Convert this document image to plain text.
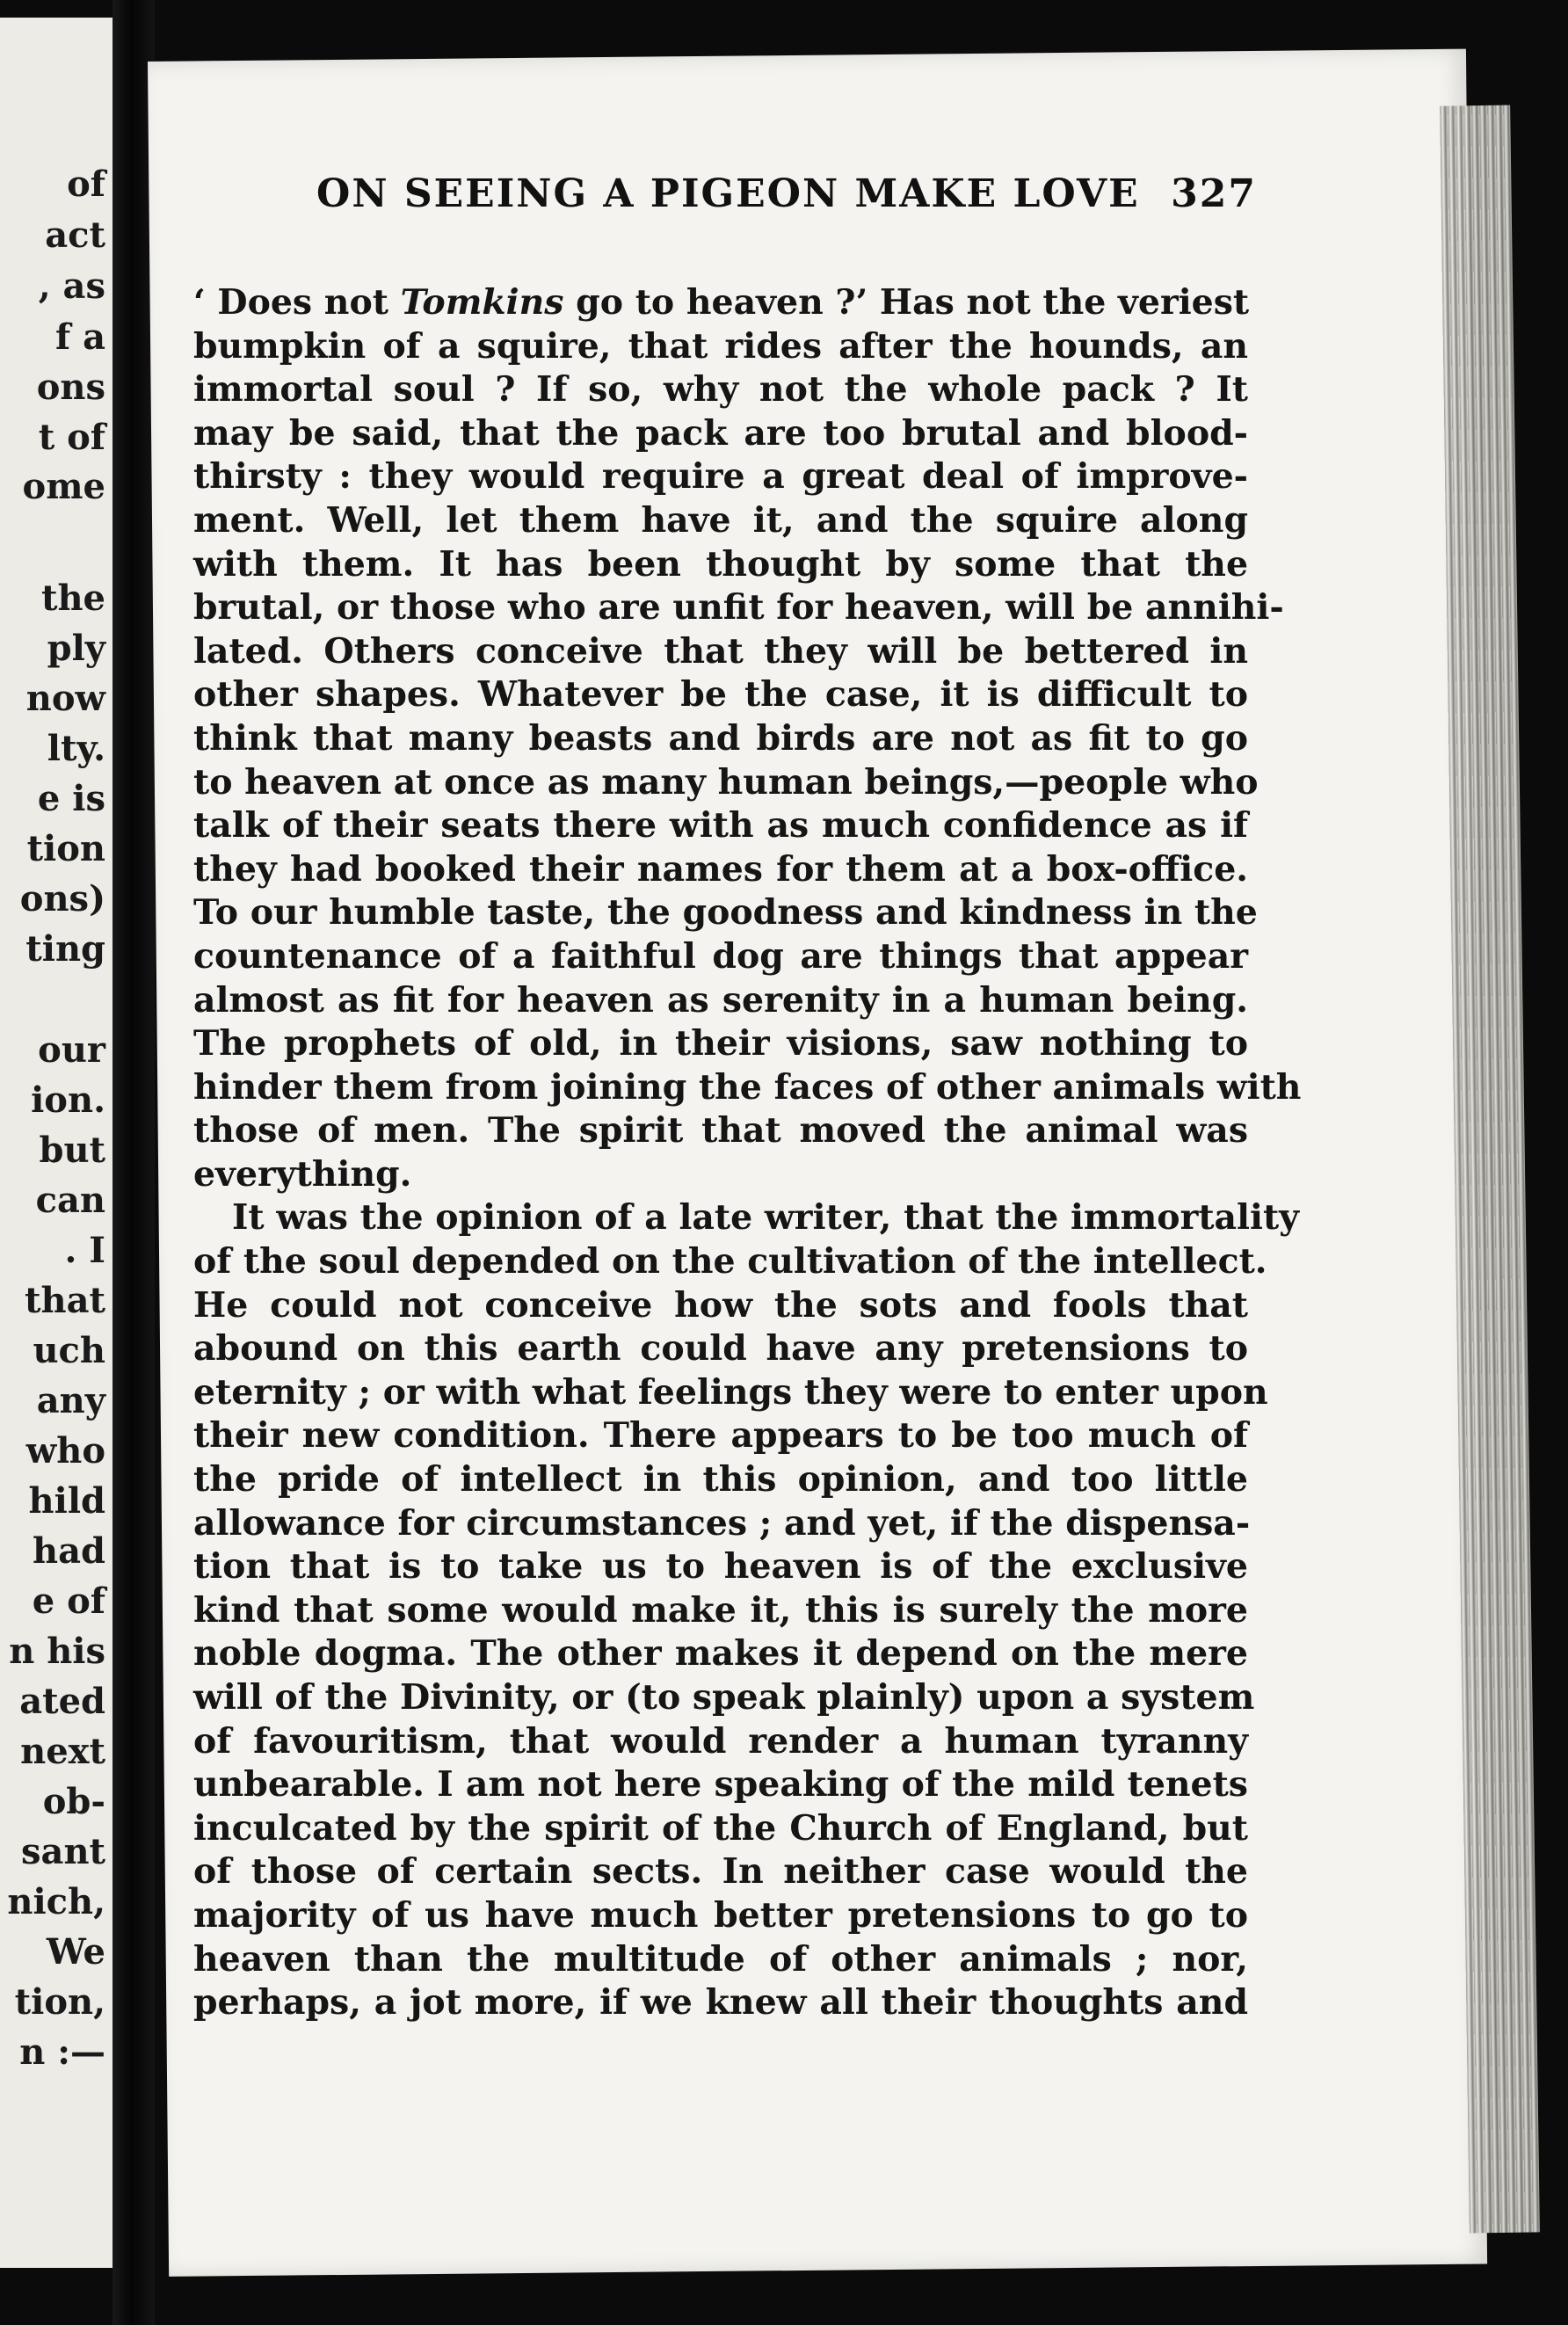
of
act
, as
f a
ons
t of
ome
the
ply
now
lty.
e is
tion
ons)
ting
our
ion.
but
can
. I
that
uch
any
who
hild
had
e of
n his
ated
next
ob-
sant
nich,
We
tion,
n :—
ON SEEING A PIGEON MAKE LOVE 327
‘ Does not Tomkins go to heaven ?’ Has not the veriest
bumpkin of a squire, that rides after the hounds, an
immortal soul ? If so, why not the whole pack ? It
may be said, that the pack are too brutal and blood-
thirsty : they would require a great deal of improve-
ment. Well, let them have it, and the squire along
with them. It has been thought by some that the
brutal, or those who are unfit for heaven, will be annihi-
lated. Others conceive that they will be bettered in
other shapes. Whatever be the case, it is difficult to
think that many beasts and birds are not as fit to go
to heaven at once as many human beings,—people who
talk of their seats there with as much confidence as if
they had booked their names for them at a box-office.
To our humble taste, the goodness and kindness in the
countenance of a faithful dog are things that appear
almost as fit for heaven as serenity in a human being.
The prophets of old, in their visions, saw nothing to
hinder them from joining the faces of other animals with
those of men. The spirit that moved the animal was
everything.
It was the opinion of a late writer, that the immortality
of the soul depended on the cultivation of the intellect.
He could not conceive how the sots and fools that
abound on this earth could have any pretensions to
eternity ; or with what feelings they were to enter upon
their new condition. There appears to be too much of
the pride of intellect in this opinion, and too little
allowance for circumstances ; and yet, if the dispensa-
tion that is to take us to heaven is of the exclusive
kind that some would make it, this is surely the more
noble dogma. The other makes it depend on the mere
will of the Divinity, or (to speak plainly) upon a system
of favouritism, that would render a human tyranny
unbearable. I am not here speaking of the mild tenets
inculcated by the spirit of the Church of England, but
of those of certain sects. In neither case would the
majority of us have much better pretensions to go to
heaven than the multitude of other animals ; nor,
perhaps, a jot more, if we knew all their thoughts and
